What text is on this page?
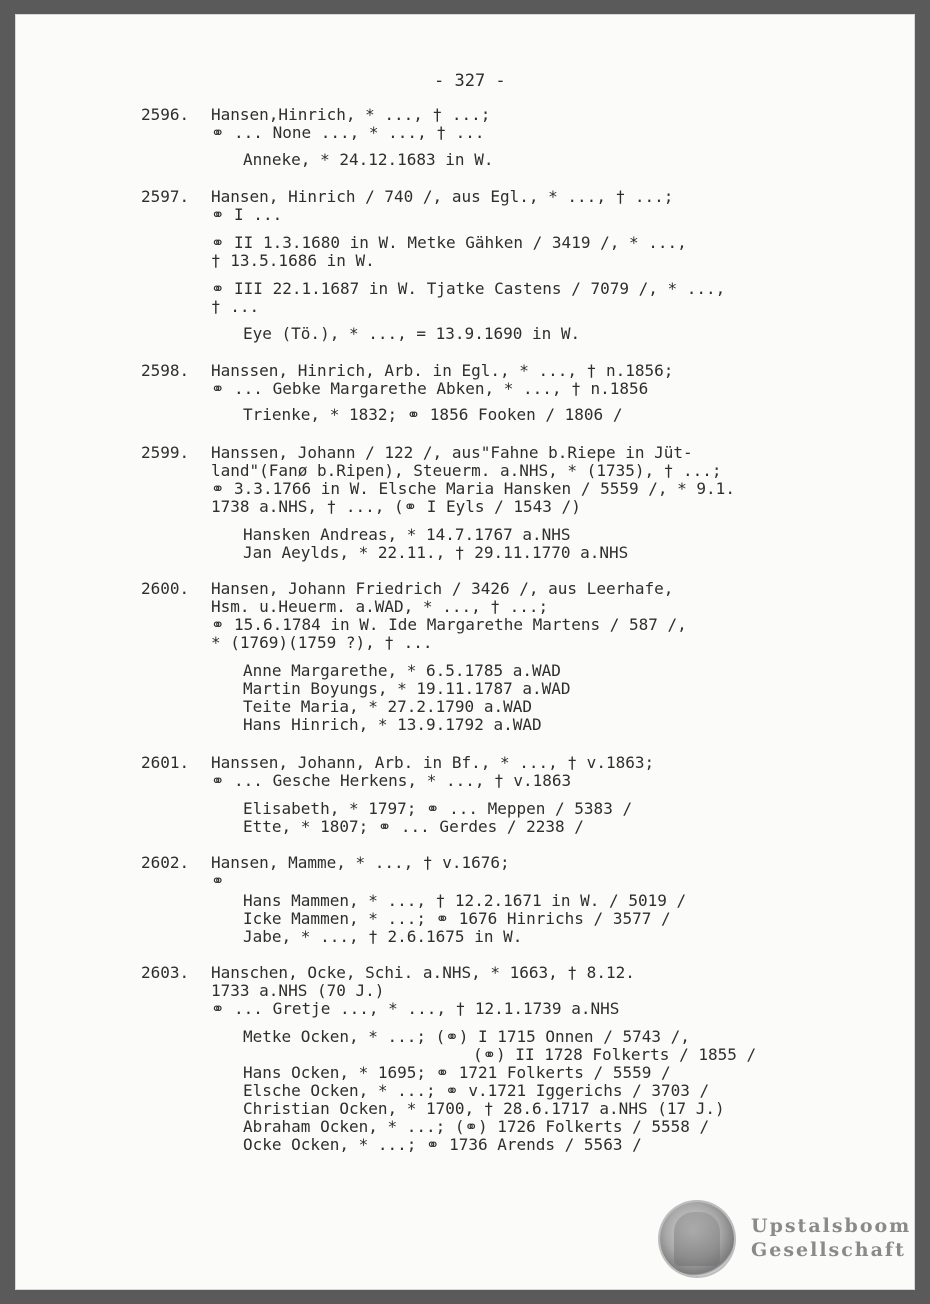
- 327 -
2596. Hansen,Hinrich, * ..., † ...;
⚭ ... None ..., * ..., † ...
Anneke, * 24.12.1683 in W.
2597. Hansen, Hinrich / 740 /, aus Egl., * ..., † ...;
⚭ I ...
⚭ II 1.3.1680 in W. Metke Gähken / 3419 /, * ...,
† 13.5.1686 in W.
⚭ III 22.1.1687 in W. Tjatke Castens / 7079 /, * ...,
† ...
Eye (Tö.), * ..., = 13.9.1690 in W.
2598. Hanssen, Hinrich, Arb. in Egl., * ..., † n.1856;
⚭ ... Gebke Margarethe Abken, * ..., † n.1856
Trienke, * 1832; ⚭ 1856 Fooken / 1806 /
2599. Hanssen, Johann / 122 /, aus"Fahne b.Riepe in Jüt-
land"(Fanø b.Ripen), Steuerm. a.NHS, * (1735), † ...;
⚭ 3.3.1766 in W. Elsche Maria Hansken / 5559 /, * 9.1.
1738 a.NHS, † ..., (⚭ I Eyls / 1543 /)
Hansken Andreas, * 14.7.1767 a.NHS
Jan Aeylds, * 22.11., † 29.11.1770 a.NHS
2600. Hansen, Johann Friedrich / 3426 /, aus Leerhafe,
Hsm. u.Heuerm. a.WAD, * ..., † ...;
⚭ 15.6.1784 in W. Ide Margarethe Martens / 587 /,
* (1769)(1759 ?), † ...
Anne Margarethe, * 6.5.1785 a.WAD
Martin Boyungs, * 19.11.1787 a.WAD
Teite Maria, * 27.2.1790 a.WAD
Hans Hinrich, * 13.9.1792 a.WAD
2601. Hanssen, Johann, Arb. in Bf., * ..., † v.1863;
⚭ ... Gesche Herkens, * ..., † v.1863
Elisabeth, * 1797; ⚭ ... Meppen / 5383 /
Ette, * 1807; ⚭ ... Gerdes / 2238 /
2602. Hansen, Mamme, * ..., † v.1676;
⚭
Hans Mammen, * ..., † 12.2.1671 in W. / 5019 /
Icke Mammen, * ...; ⚭ 1676 Hinrichs / 3577 /
Jabe, * ..., † 2.6.1675 in W.
2603. Hanschen, Ocke, Schi. a.NHS, * 1663, † 8.12.
1733 a.NHS (70 J.)
⚭ ... Gretje ..., * ..., † 12.1.1739 a.NHS
Metke Ocken, * ...; (⚭) I 1715 Onnen / 5743 /,
(⚭) II 1728 Folkerts / 1855 /
Hans Ocken, * 1695; ⚭ 1721 Folkerts / 5559 /
Elsche Ocken, * ...; ⚭ v.1721 Iggerichs / 3703 /
Christian Ocken, * 1700, † 28.6.1717 a.NHS (17 J.)
Abraham Ocken, * ...; (⚭) 1726 Folkerts / 5558 /
Ocke Ocken, * ...; ⚭ 1736 Arends / 5563 /
Upstalsboom
Gesellschaft
